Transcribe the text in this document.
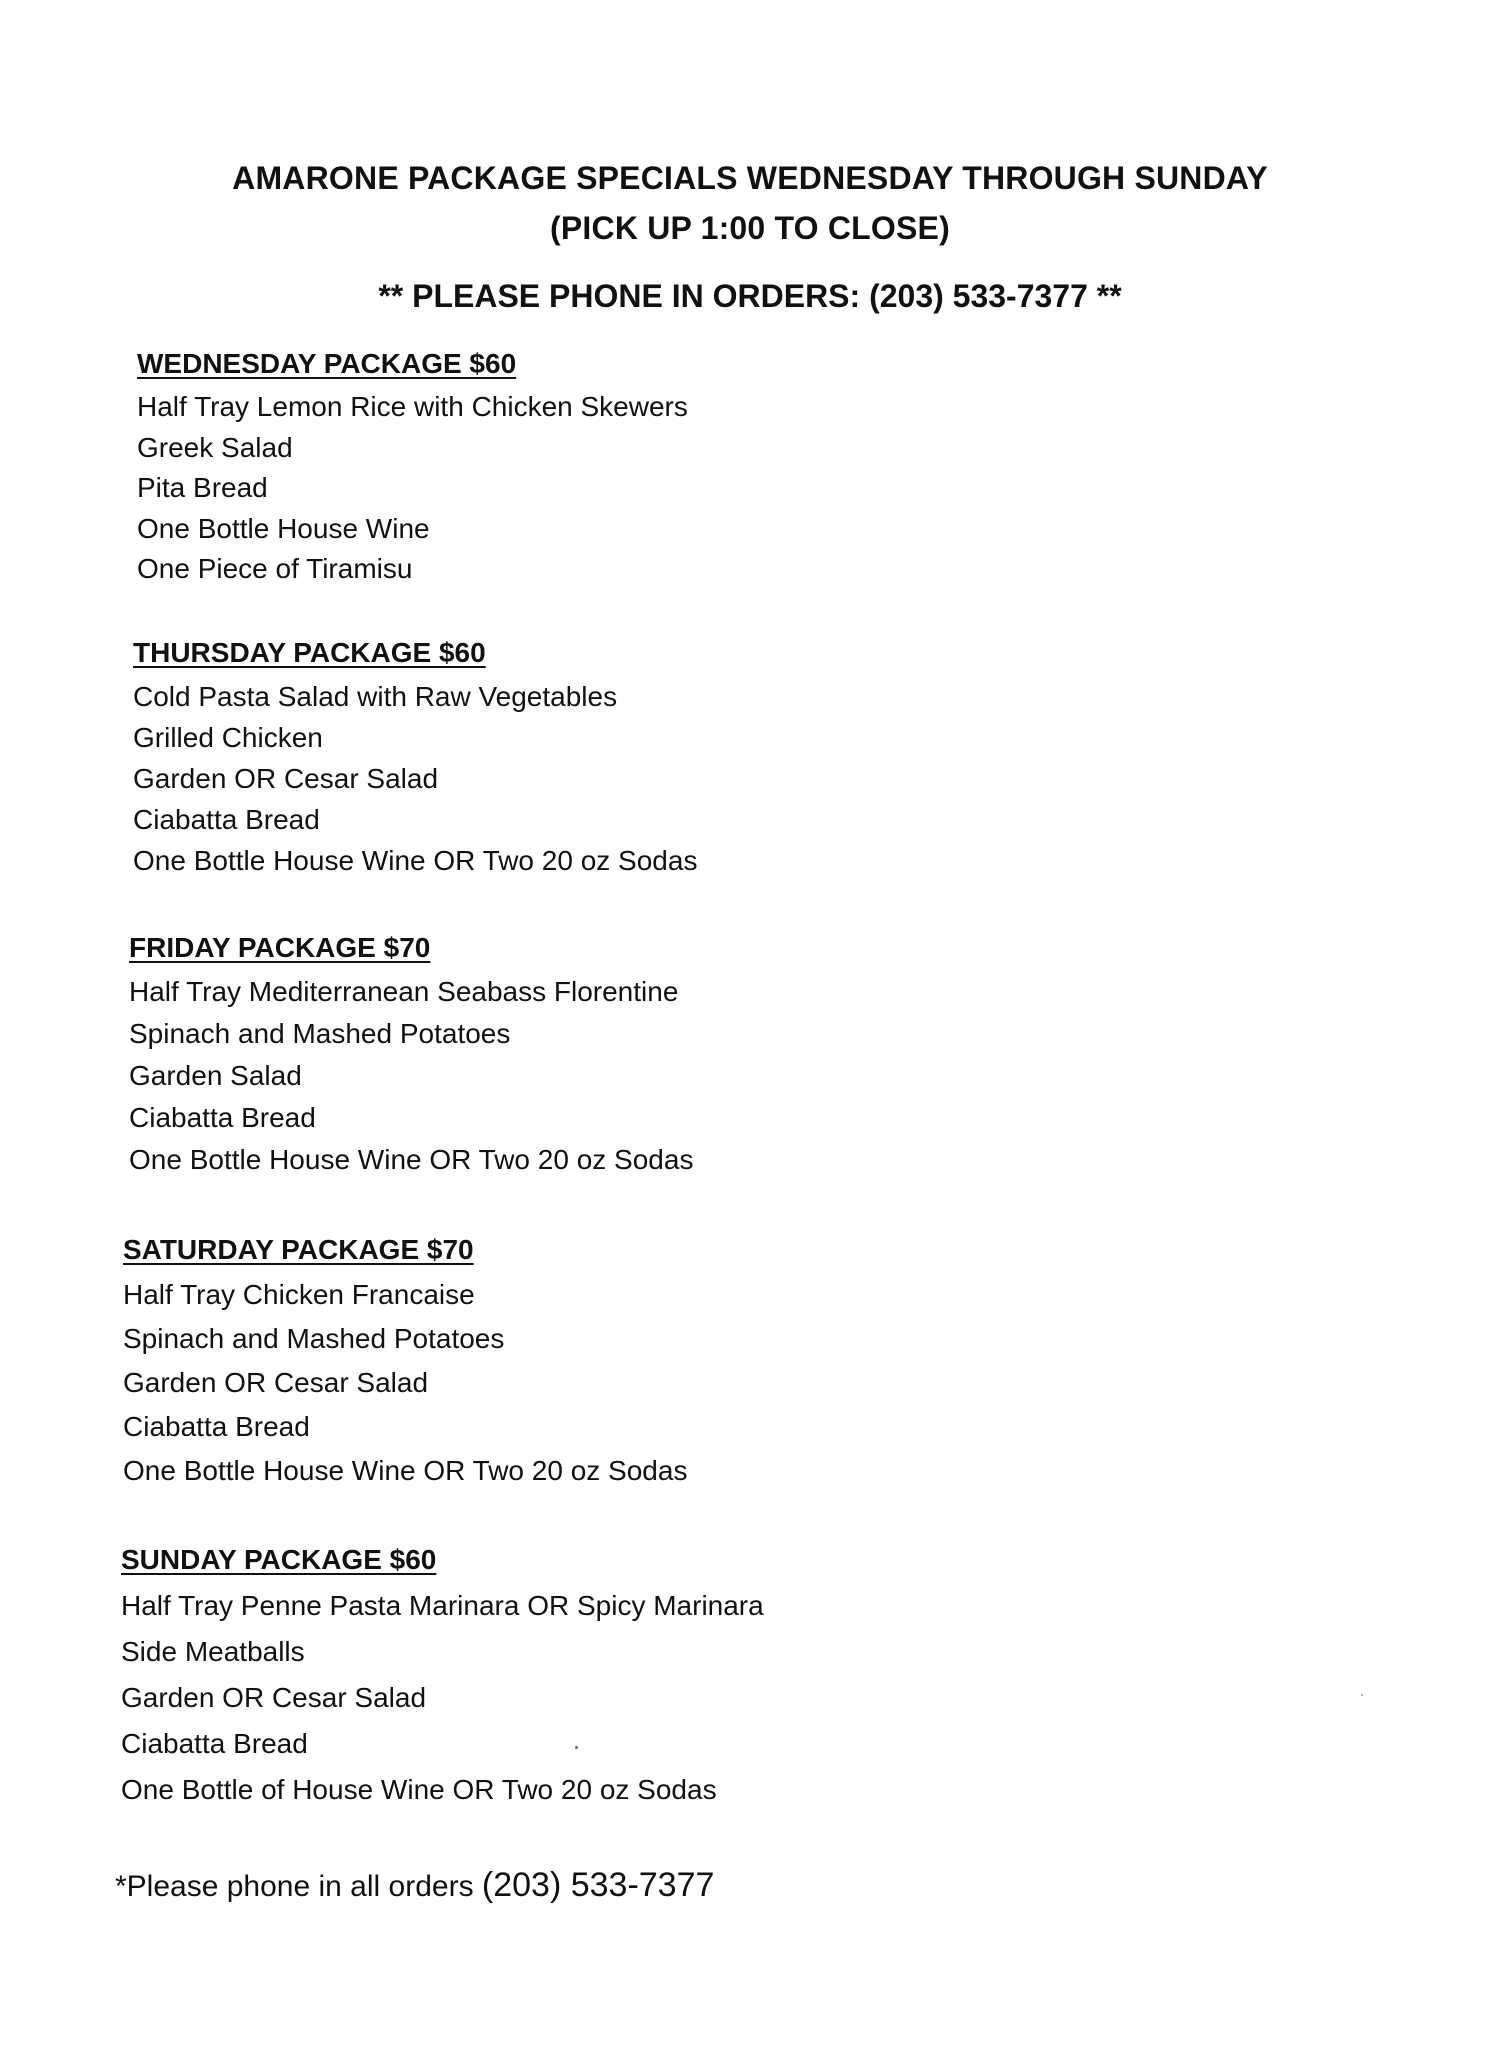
AMARONE PACKAGE SPECIALS WEDNESDAY THROUGH SUNDAY
(PICK UP 1:00 TO CLOSE)
** PLEASE PHONE IN ORDERS: (203) 533-7377 **
WEDNESDAY PACKAGE $60
Half Tray Lemon Rice with Chicken Skewers
Greek Salad
Pita Bread
One Bottle House Wine
One Piece of Tiramisu
THURSDAY PACKAGE $60
Cold Pasta Salad with Raw Vegetables
Grilled Chicken
Garden OR Cesar Salad
Ciabatta Bread
One Bottle House Wine OR Two 20 oz Sodas
FRIDAY PACKAGE $70
Half Tray Mediterranean Seabass Florentine
Spinach and Mashed Potatoes
Garden Salad
Ciabatta Bread
One Bottle House Wine OR Two 20 oz Sodas
SATURDAY PACKAGE $70
Half Tray Chicken Francaise
Spinach and Mashed Potatoes
Garden OR Cesar Salad
Ciabatta Bread
One Bottle House Wine OR Two 20 oz Sodas
SUNDAY PACKAGE $60
Half Tray Penne Pasta Marinara OR Spicy Marinara
Side Meatballs
Garden OR Cesar Salad
Ciabatta Bread
One Bottle of House Wine OR Two 20 oz Sodas
*Please phone in all orders (203) 533-7377
